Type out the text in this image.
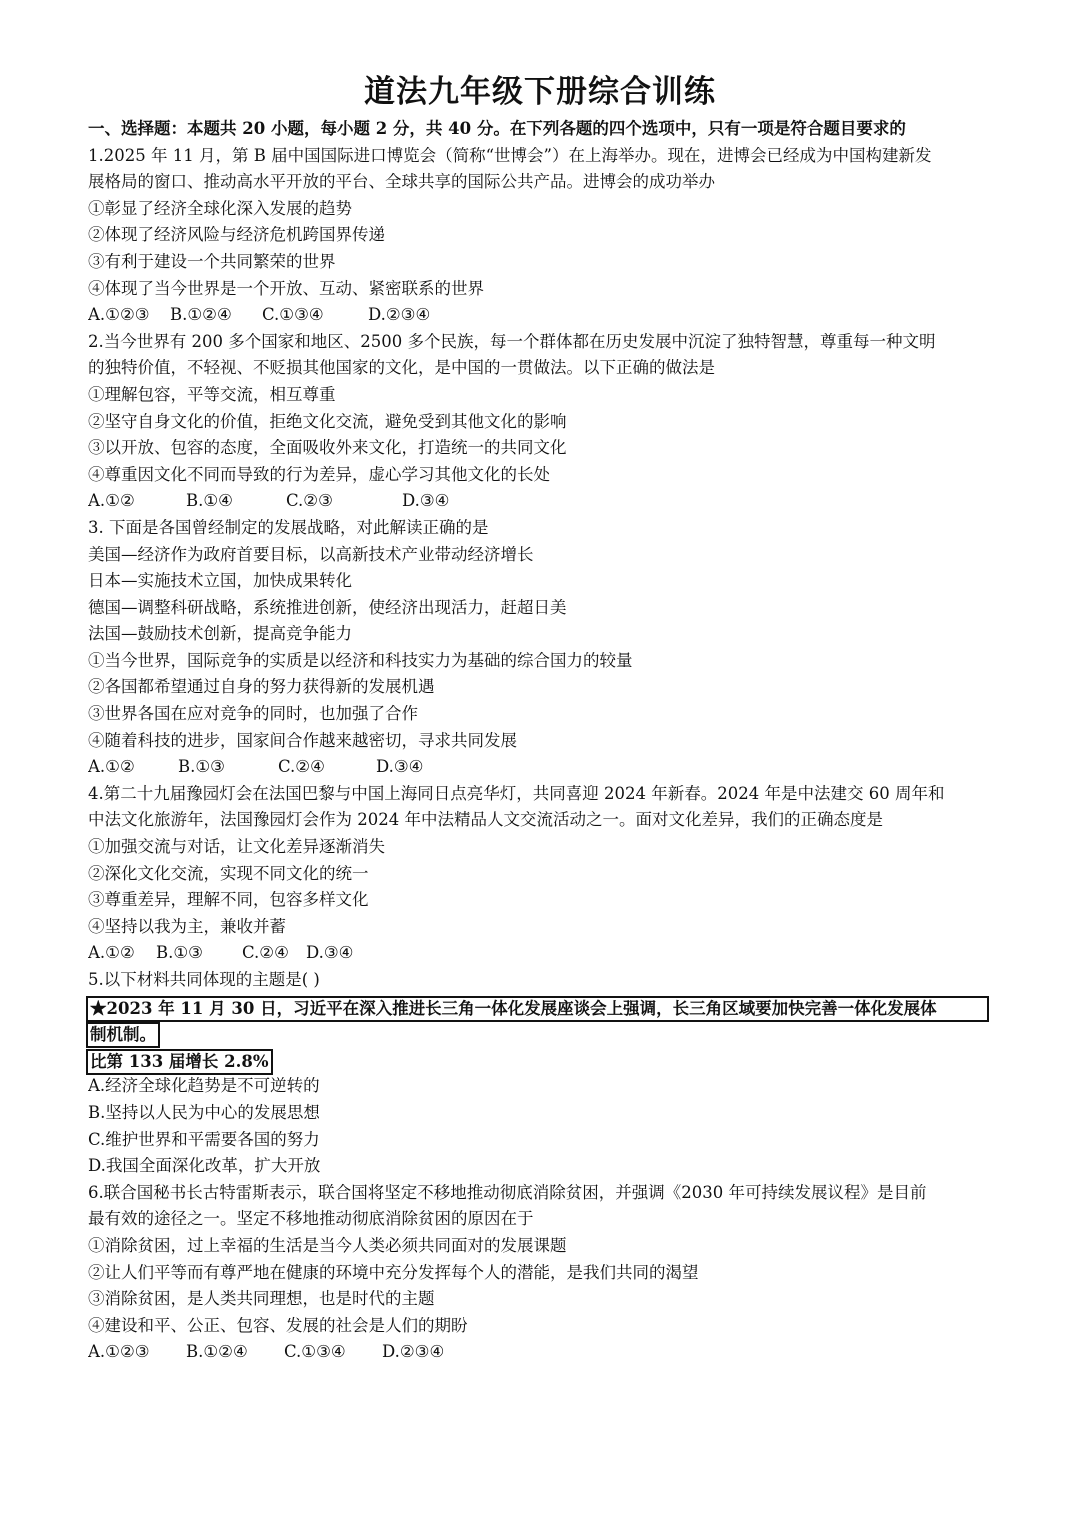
道法九年级下册综合训练
一、选择题：本题共 20 小题，每小题 2 分，共 40 分。在下列各题的四个选项中，只有一项是符合题目要求的
1.2025 年 11 月，第 B 届中国国际进口博览会（简称“世博会”）在上海举办。现在，进博会已经成为中国构建新发
展格局的窗口、推动高水平开放的平台、全球共享的国际公共产品。进博会的成功举办
①彰显了经济全球化深入发展的趋势
②体现了经济风险与经济危机跨国界传递
③有利于建设一个共同繁荣的世界
④体现了当今世界是一个开放、互动、紧密联系的世界
A.①②③ B.①②④ C.①③④	D.②③④
2.当今世界有 200 多个国家和地区、2500 多个民族，每一个群体都在历史发展中沉淀了独特智慧，尊重每一种文明
的独特价值，不轻视、不贬损其他国家的文化，是中国的一贯做法。以下正确的做法是
①理解包容，平等交流，相互尊重
②坚守自身文化的价值，拒绝文化交流，避免受到其他文化的影响
③以开放、包容的态度，全面吸收外来文化，打造统一的共同文化
④尊重因文化不同而导致的行为差异，虚心学习其他文化的长处
A.①②	B.①④	C.②③	D.③④
3. 下面是各国曾经制定的发展战略，对此解读正确的是
美国—经济作为政府首要目标，以高新技术产业带动经济增长
日本—实施技术立国，加快成果转化
德国—调整科研战略，系统推进创新，使经济出现活力，赶超日美
法国—鼓励技术创新，提高竞争能力
①当今世界，国际竞争的实质是以经济和科技实力为基础的综合国力的较量
②各国都希望通过自身的努力获得新的发展机遇
③世界各国在应对竞争的同时，也加强了合作
④随着科技的进步，国家间合作越来越密切，寻求共同发展
A.①②	B.①③	C.②④	D.③④
4.第二十九届豫园灯会在法国巴黎与中国上海同日点亮华灯，共同喜迎 2024 年新春。2024 年是中法建交 60 周年和
中法文化旅游年，法国豫园灯会作为 2024 年中法精品人文交流活动之一。面对文化差异，我们的正确态度是
①加强交流与对话，让文化差异逐渐消失
②深化文化交流，实现不同文化的统一
③尊重差异，理解不同，包容多样文化
④坚持以我为主，兼收并蓄
A.①② B.①③ C.②④ D.③④
5.以下材料共同体现的主题是( )
★2023 年 11 月 30 日，习近平在深入推进长三角一体化发展座谈会上强调，长三角区域要加快完善一体化发展体
制机制。
比第 133 届增长 2.8%
A.经济全球化趋势是不可逆转的
B.坚持以人民为中心的发展思想
C.维护世界和平需要各国的努力
D.我国全面深化改革，扩大开放
6.联合国秘书长古特雷斯表示，联合国将坚定不移地推动彻底消除贫困，并强调《2030 年可持续发展议程》是目前
最有效的途径之一。坚定不移地推动彻底消除贫困的原因在于
①消除贫困，过上幸福的生活是当今人类必须共同面对的发展课题
②让人们平等而有尊严地在健康的环境中充分发挥每个人的潜能，是我们共同的渴望
③消除贫困，是人类共同理想，也是时代的主题
④建设和平、公正、包容、发展的社会是人们的期盼
A.①②③ B.①②④ C.①③④ D.②③④
